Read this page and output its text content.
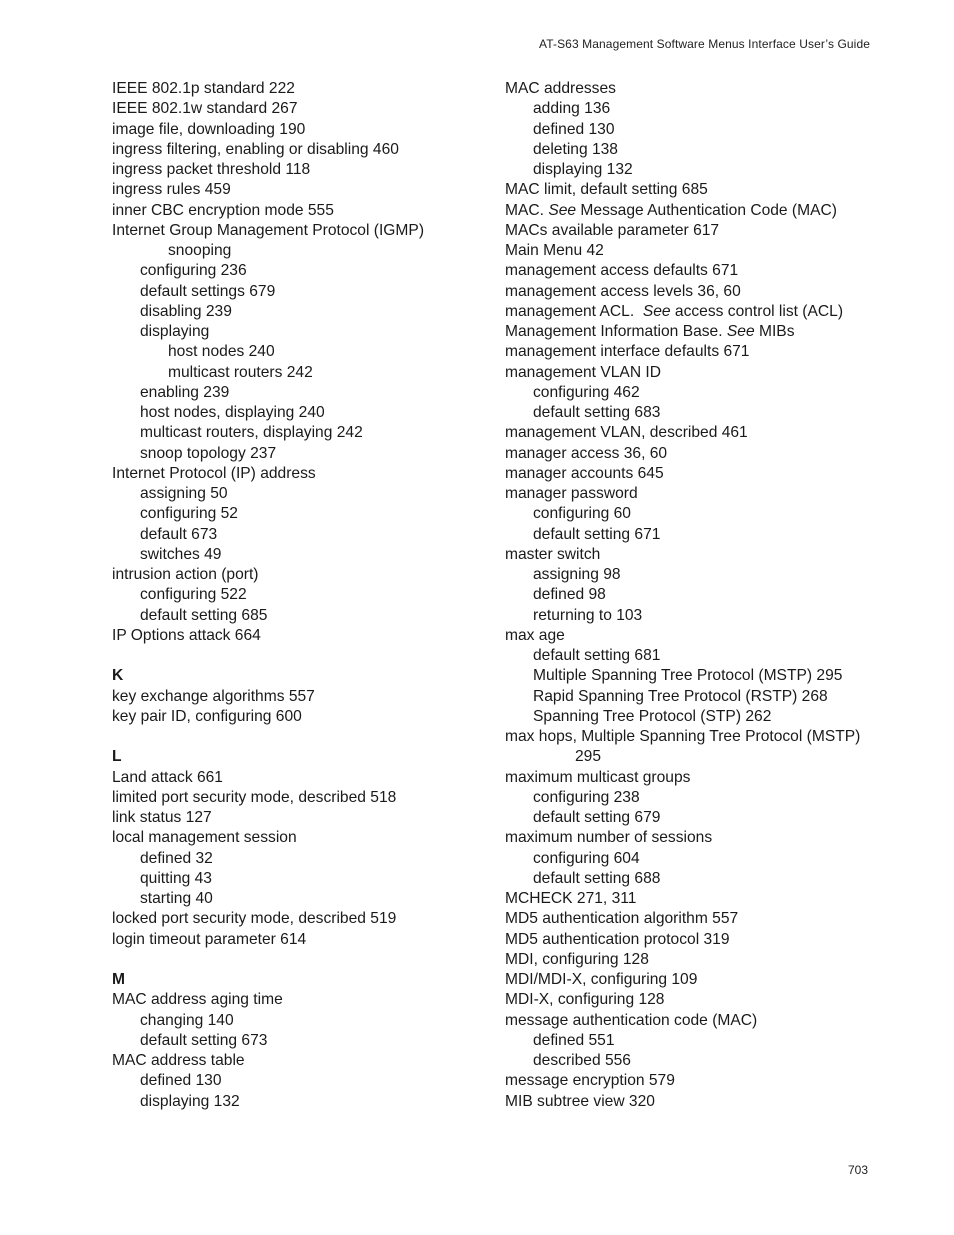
AT-S63 Management Software Menus Interface User’s Guide
IEEE 802.1p standard 222
IEEE 802.1w standard 267
image file, downloading 190
ingress filtering, enabling or disabling 460
ingress packet threshold 118
ingress rules 459
inner CBC encryption mode 555
Internet Group Management Protocol (IGMP)
snooping
configuring 236
default settings 679
disabling 239
displaying
host nodes 240
multicast routers 242
enabling 239
host nodes, displaying 240
multicast routers, displaying 242
snoop topology 237
Internet Protocol (IP) address
assigning 50
configuring 52
default 673
switches 49
intrusion action (port)
configuring 522
default setting 685
IP Options attack 664
K
key exchange algorithms 557
key pair ID, configuring 600
L
Land attack 661
limited port security mode, described 518
link status 127
local management session
defined 32
quitting 43
starting 40
locked port security mode, described 519
login timeout parameter 614
M
MAC address aging time
changing 140
default setting 673
MAC address table
defined 130
displaying 132
MAC addresses
adding 136
defined 130
deleting 138
displaying 132
MAC limit, default setting 685
MAC. See Message Authentication Code (MAC)
MACs available parameter 617
Main Menu 42
management access defaults 671
management access levels 36, 60
management ACL.  See access control list (ACL)
Management Information Base. See MIBs
management interface defaults 671
management VLAN ID
configuring 462
default setting 683
management VLAN, described 461
manager access 36, 60
manager accounts 645
manager password
configuring 60
default setting 671
master switch
assigning 98
defined 98
returning to 103
max age
default setting 681
Multiple Spanning Tree Protocol (MSTP) 295
Rapid Spanning Tree Protocol (RSTP) 268
Spanning Tree Protocol (STP) 262
max hops, Multiple Spanning Tree Protocol (MSTP)
295
maximum multicast groups
configuring 238
default setting 679
maximum number of sessions
configuring 604
default setting 688
MCHECK 271, 311
MD5 authentication algorithm 557
MD5 authentication protocol 319
MDI, configuring 128
MDI/MDI-X, configuring 109
MDI-X, configuring 128
message authentication code (MAC)
defined 551
described 556
message encryption 579
MIB subtree view 320
703
